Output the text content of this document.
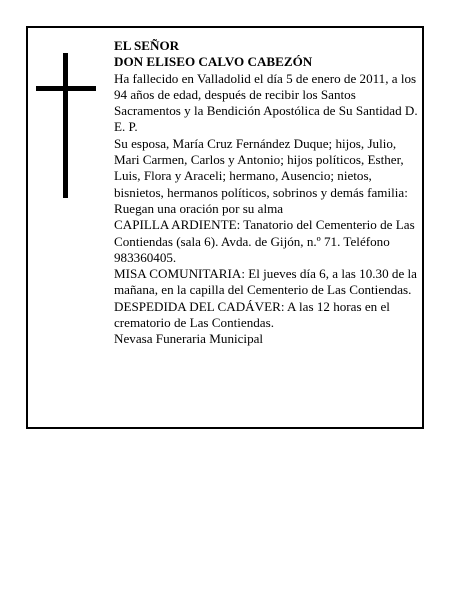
EL SEÑOR

DON ELISEO CALVO CABEZÓN

Ha fallecido en Valladolid el día 5 de enero de 2011, a los 94 años de edad, después de recibir los Santos Sacramentos y la Bendición Apostólica de Su Santidad D. E. P.

Su esposa, María Cruz Fernández Duque; hijos, Julio, Mari Carmen, Carlos y Antonio; hijos políticos, Esther, Luis, Flora y Araceli; hermano, Ausencio; nietos, bisnietos, hermanos políticos, sobrinos y demás familia:

Ruegan una oración por su alma

CAPILLA ARDIENTE: Tanatorio del Cementerio de Las Contiendas (sala 6). Avda. de Gijón, n.º 71. Teléfono 983360405.

MISA COMUNITARIA: El jueves día 6, a las 10.30 de la mañana, en la capilla del Cementerio de Las Contiendas.

DESPEDIDA DEL CADÁVER: A las 12 horas en el crematorio de Las Contiendas.

Nevasa Funeraria Municipal
